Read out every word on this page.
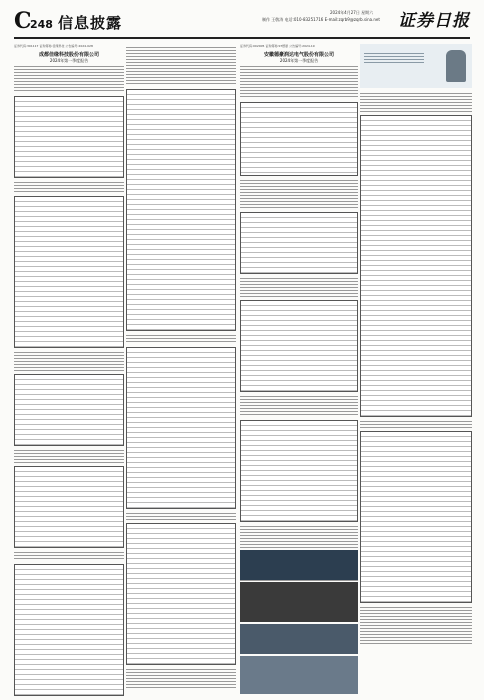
C
248 信息披露
2024年4月27日 星期六
制作 王敬涛 电话:010-83251716 E-mail:zqrb9@zqrb.sina.net 证券日报
证券代码:301117 证券简称:佳缘科技 公告编号:2024-028
成都佳缘科技股份有限公司
2024年第一季度报告
证券代码:002005 证券简称:ST德豪 公告编号:2024-19
安徽德豪润达电气股份有限公司
2024年第一季度报告
